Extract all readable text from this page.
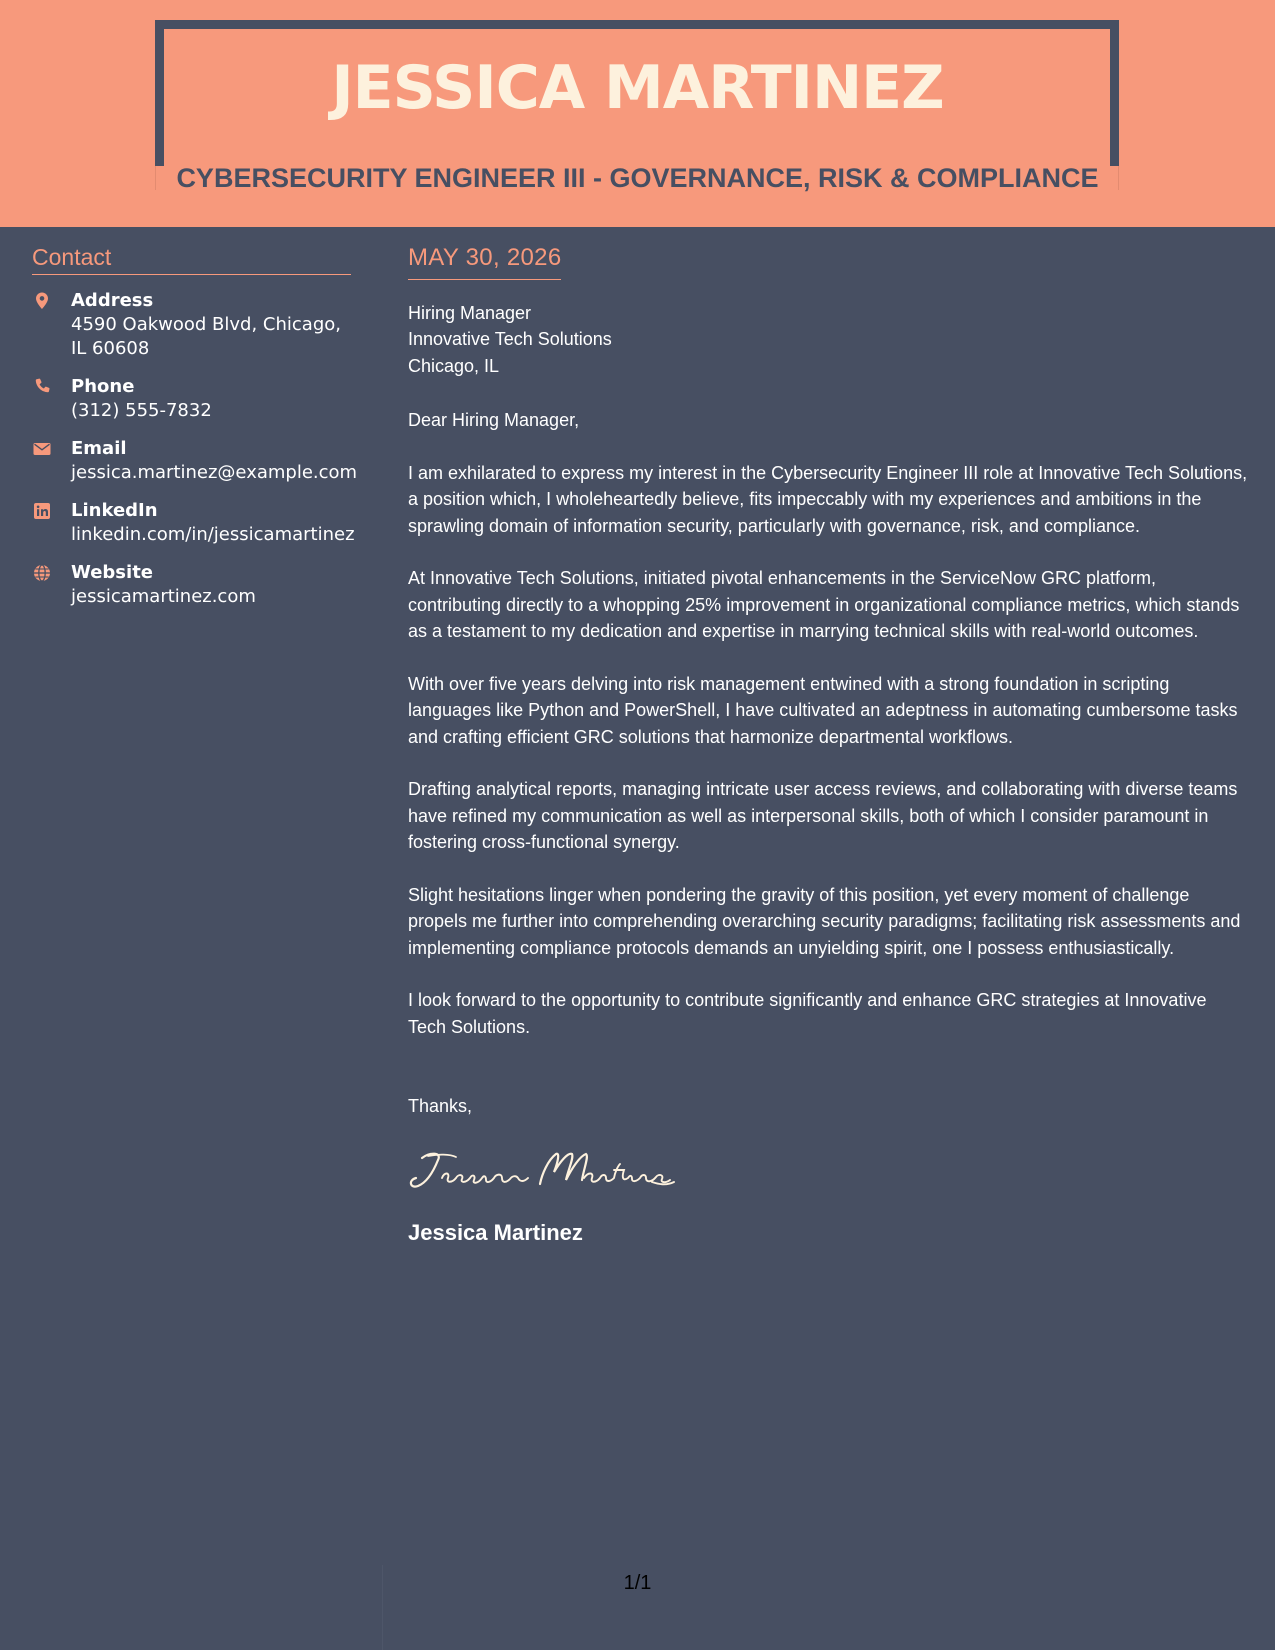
JESSICA MARTINEZ
CYBERSECURITY ENGINEER III - GOVERNANCE, RISK & COMPLIANCE
Contact
Address
4590 Oakwood Blvd, Chicago, IL 60608
Phone
(312) 555-7832
Email
jessica.martinez@example.com
LinkedIn
linkedin.com/in/jessicamartinez
Website
jessicamartinez.com
MAY 30, 2026
Hiring Manager
Innovative Tech Solutions
Chicago, IL
Dear Hiring Manager,
I am exhilarated to express my interest in the Cybersecurity Engineer III role at Innovative Tech Solutions, a position which, I wholeheartedly believe, fits impeccably with my experiences and ambitions in the sprawling domain of information security, particularly with governance, risk, and compliance.
At Innovative Tech Solutions, initiated pivotal enhancements in the ServiceNow GRC platform, contributing directly to a whopping 25% improvement in organizational compliance metrics, which stands as a testament to my dedication and expertise in marrying technical skills with real-world outcomes.
With over five years delving into risk management entwined with a strong foundation in scripting languages like Python and PowerShell, I have cultivated an adeptness in automating cumbersome tasks and crafting efficient GRC solutions that harmonize departmental workflows.
Drafting analytical reports, managing intricate user access reviews, and collaborating with diverse teams have refined my communication as well as interpersonal skills, both of which I consider paramount in fostering cross-functional synergy.
Slight hesitations linger when pondering the gravity of this position, yet every moment of challenge propels me further into comprehending overarching security paradigms; facilitating risk assessments and implementing compliance protocols demands an unyielding spirit, one I possess enthusiastically.
I look forward to the opportunity to contribute significantly and enhance GRC strategies at Innovative Tech Solutions.
Thanks,
Jessica Martinez
1/1
